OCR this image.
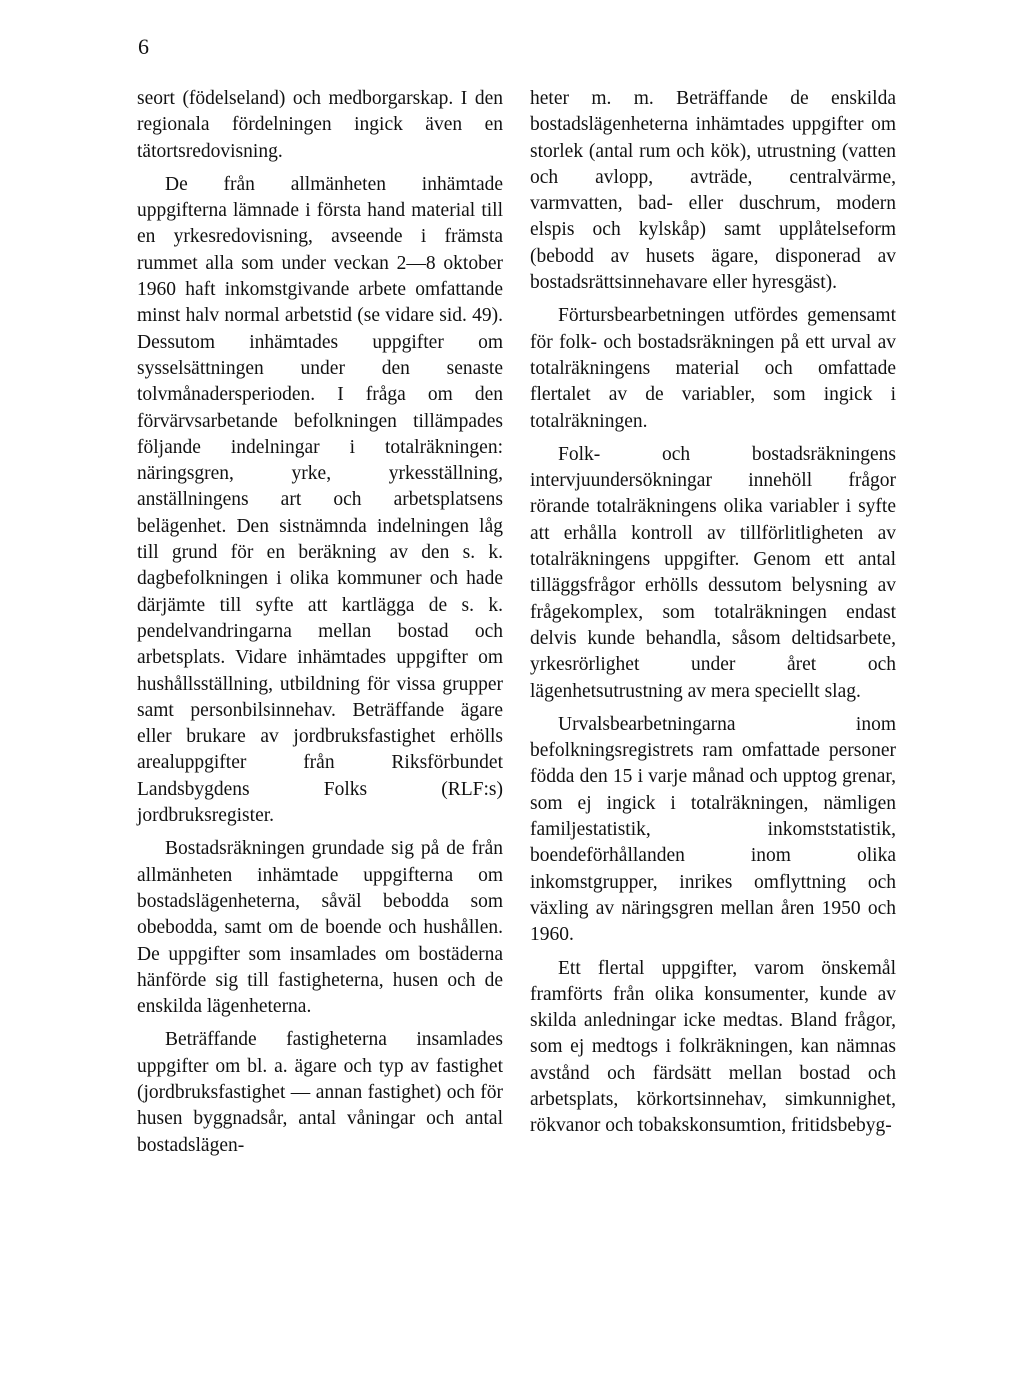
6

seort (födelseland) och medborgarskap. I den regionala fördelningen ingick även en tätortsredovisning.

De från allmänheten inhämtade uppgifterna lämnade i första hand material till en yrkesredovisning, avseende i främsta rummet alla som under veckan 2—8 oktober 1960 haft inkomstgivande arbete omfattande minst halv normal arbetstid (se vidare sid. 49). Dessutom inhämtades uppgifter om sysselsättningen under den senaste tolvmånadersperioden. I fråga om den förvärvsarbetande befolkningen tillämpades följande indelningar i totalräkningen: näringsgren, yrke, yrkesställning, anställningens art och arbetsplatsens belägenhet. Den sistnämnda indelningen låg till grund för en beräkning av den s. k. dagbefolkningen i olika kommuner och hade därjämte till syfte att kartlägga de s. k. pendelvandringarna mellan bostad och arbetsplats. Vidare inhämtades uppgifter om hushållsställning, utbildning för vissa grupper samt personbilsinnehav. Beträffande ägare eller brukare av jordbruksfastighet erhölls arealuppgifter från Riksförbundet Landsbygdens Folks (RLF:s) jordbruksregister.

Bostadsräkningen grundade sig på de från allmänheten inhämtade uppgifterna om bostadslägenheterna, såväl bebodda som obebodda, samt om de boende och hushållen. De uppgifter som insamlades om bostäderna hänförde sig till fastigheterna, husen och de enskilda lägenheterna.

Beträffande fastigheterna insamlades uppgifter om bl. a. ägare och typ av fastighet (jordbruksfastighet — annan fastighet) och för husen byggnadsår, antal våningar och antal bostadslägen-

heter m. m. Beträffande de enskilda bostadslägenheterna inhämtades uppgifter om storlek (antal rum och kök), utrustning (vatten och avlopp, avträde, centralvärme, varmvatten, bad- eller duschrum, modern elspis och kylskåp) samt upplåtelseform (bebodd av husets ägare, disponerad av bostadsrättsinnehavare eller hyresgäst).

Förtursbearbetningen utfördes gemensamt för folk- och bostadsräkningen på ett urval av totalräkningens material och omfattade flertalet av de variabler, som ingick i totalräkningen.

Folk- och bostadsräkningens intervjuundersökningar innehöll frågor rörande totalräkningens olika variabler i syfte att erhålla kontroll av tillförlitligheten av totalräkningens uppgifter. Genom ett antal tilläggsfrågor erhölls dessutom belysning av frågekomplex, som totalräkningen endast delvis kunde behandla, såsom deltidsarbete, yrkesrörlighet under året och lägenhetsutrustning av mera speciellt slag.

Urvalsbearbetningarna inom befolkningsregistrets ram omfattade personer födda den 15 i varje månad och upptog grenar, som ej ingick i totalräkningen, nämligen familjestatistik, inkomststatistik, boendeförhållanden inom olika inkomstgrupper, inrikes omflyttning och växling av näringsgren mellan åren 1950 och 1960.

Ett flertal uppgifter, varom önskemål framförts från olika konsumenter, kunde av skilda anledningar icke medtas. Bland frågor, som ej medtogs i folkräkningen, kan nämnas avstånd och färdsätt mellan bostad och arbetsplats, körkortsinnehav, simkunnighet, rökvanor och tobakskonsumtion, fritidsbebyg-
